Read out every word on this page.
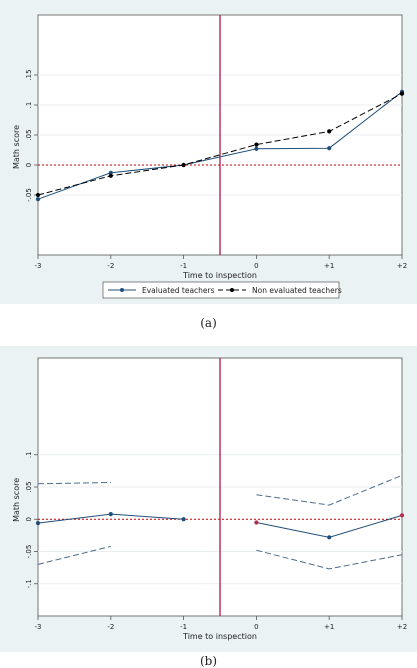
-.05
0
.05
.1
.15
-3	-2	-1	0	+1	+2
Time to inspection
Math score
Evaluated teachers	Non evaluated teachers
(a)
-.1
-.05
0
.05
.1
-3	-2	-1	0	+1	+2
Time to inspection
Math score
(b)
